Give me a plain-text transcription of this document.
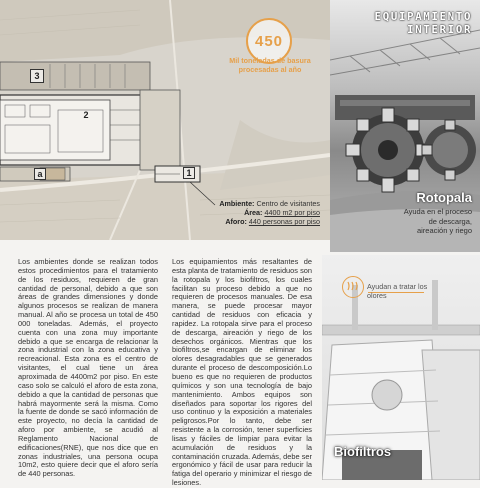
3
2
a	1
450
Mil toneladas de basura procesadas al año
Ambiente: Centro de visitantes
Área: 4400 m2 por piso
Aforo: 440 personas por piso
EQUIPAMIENTO
INTERIOR
Rotopala
Ayuda en el proceso de descarga, aireación y riego
Los ambientes donde se realizan todos estos procedimientos para el tratamiento de los residuos, requieren de gran cantidad de personal, debido a que son áreas de grandes dimensiones y donde algunos procesos se realizan de manera manual. Al año se procesa un total de 450 000 toneladas. Además, el proyecto cuenta con una zona muy importante debido a que se encarga de relacionar la zona industrial con la zona educativa y recreacional. Esta zona es el centro de visitantes, el cual tiene un área aproximada de 4400m2 por piso. En este caso solo se calculó el aforo de esta zona, debido a que la cantidad de personas que habrá mayormente será la misma. Como la fuente de donde se sacó información de este proyecto, no decía la cantidad de aforo por ambiente, se acudió al Reglamento Nacional de edificaciones(RNE), que nos dice que en zonas industriales, una persona ocupa 10m2, esto quiere decir que el aforo sería de 440 personas.
Los equipamientos más resaltantes de esta planta de tratamiento de residuos son la rotopala y los biofiltros, los cuales facilitan su proceso debido a que no requieren de procesos manuales. De esa manera, se puede procesar mayor cantidad de residuos con eficacia y rapidez. La rotopala sirve para el proceso de descarga, aireación y riego de los desechos orgánicos. Mientras que los biofiltros,se encargan de eliminar los olores desagradables que se generados durante el proceso de descomposición.Lo bueno es que no requieren de productos químicos y son una tecnología de bajo mantenimiento. Ambos equipos son diseñados para soportar los rigores del uso continuo y la exposición a materiales peligrosos.Por lo tanto, debe ser resistente a la corrosión, tener superficies lisas y fáciles de limpiar para evitar la acumulación de residuos y la contaminación cruzada. Además, debe ser ergonómico y fácil de usar para reducir la fatiga del operario y minimizar el riesgo de lesiones.
Ayudan a tratar los olores
Biofiltros
